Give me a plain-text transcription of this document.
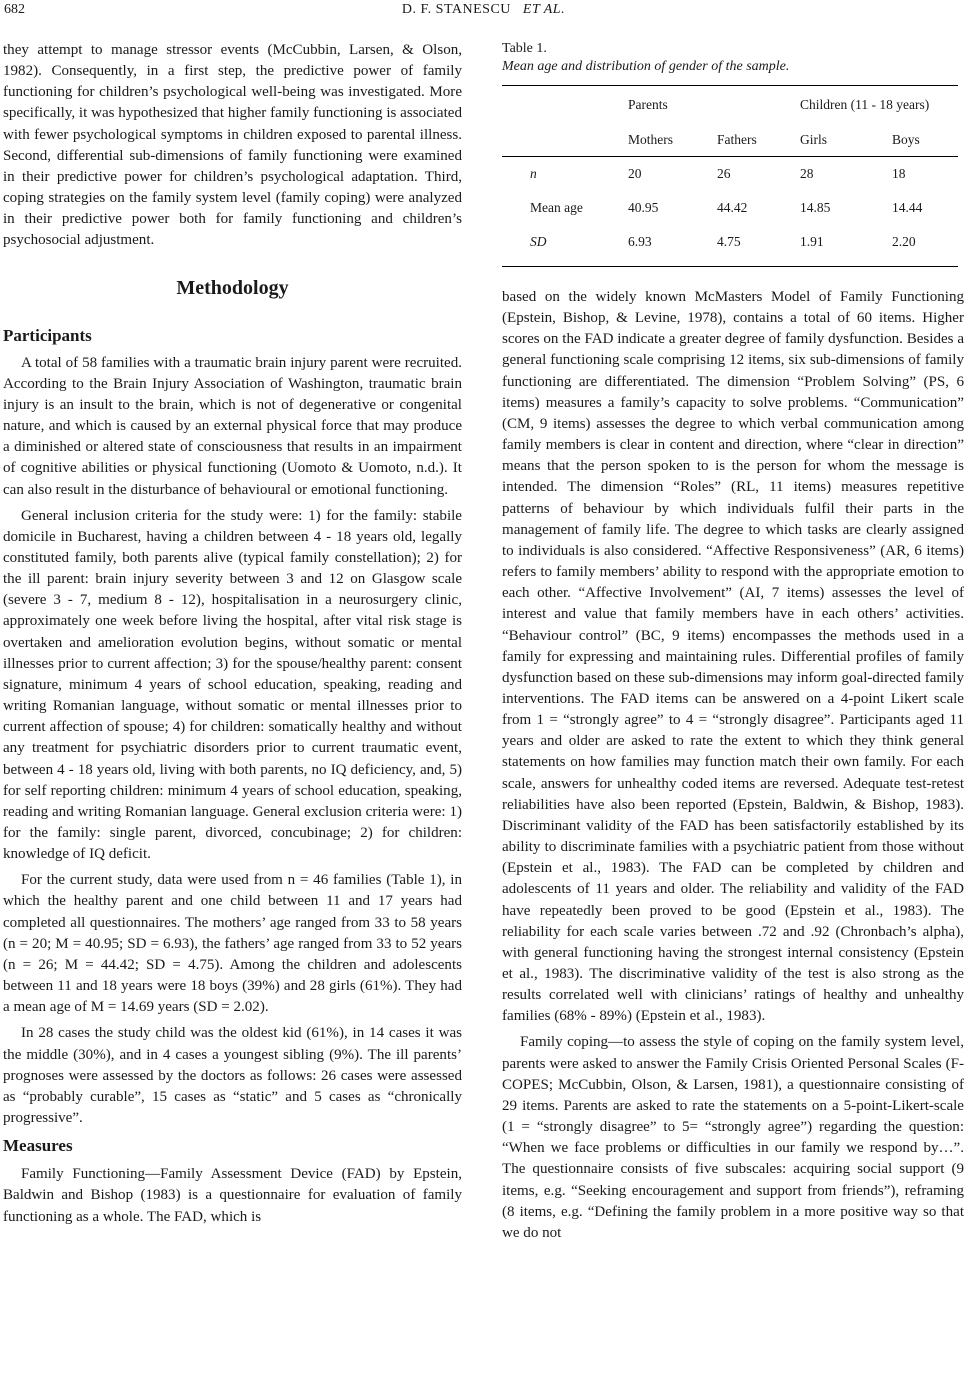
682	D. F. STANESCU ET AL.

they attempt to manage stressor events (McCubbin, Larsen, & Olson, 1982). Consequently, in a first step, the predictive power of family functioning for children’s psychological well-being was investigated. More specifically, it was hypothesized that higher family functioning is associated with fewer psychological symptoms in children exposed to parental illness. Second, differential sub-dimensions of family functioning were examined in their predictive power for children’s psychological adaptation. Third, coping strategies on the family system level (family coping) were analyzed in their predictive power both for family functioning and children’s psychosocial adjustment.

Methodology

Participants

A total of 58 families with a traumatic brain injury parent were recruited. According to the Brain Injury Association of Washington, traumatic brain injury is an insult to the brain, which is not of degenerative or congenital nature, and which is caused by an external physical force that may produce a diminished or altered state of consciousness that results in an impairment of cognitive abilities or physical functioning (Uomoto & Uomoto, n.d.). It can also result in the disturbance of behavioural or emotional functioning.

General inclusion criteria for the study were: 1) for the family: stabile domicile in Bucharest, having a children between 4 - 18 years old, legally constituted family, both parents alive (typical family constellation); 2) for the ill parent: brain injury severity between 3 and 12 on Glasgow scale (severe 3 - 7, medium 8 - 12), hospitalisation in a neurosurgery clinic, approximately one week before living the hospital, after vital risk stage is overtaken and amelioration evolution begins, without somatic or mental illnesses prior to current affection; 3) for the spouse/healthy parent: consent signature, minimum 4 years of school education, speaking, reading and writing Romanian language, without somatic or mental illnesses prior to current affection of spouse; 4) for children: somatically healthy and without any treatment for psychiatric disorders prior to current traumatic event, between 4 - 18 years old, living with both parents, no IQ deficiency, and, 5) for self reporting children: minimum 4 years of school education, speaking, reading and writing Romanian language. General exclusion criteria were: 1) for the family: single parent, divorced, concubinage; 2) for children: knowledge of IQ deficit.

For the current study, data were used from n = 46 families (Table 1), in which the healthy parent and one child between 11 and 17 years had completed all questionnaires. The mothers’ age ranged from 33 to 58 years (n = 20; M = 40.95; SD = 6.93), the fathers’ age ranged from 33 to 52 years (n = 26; M = 44.42; SD = 4.75). Among the children and adolescents between 11 and 18 years were 18 boys (39%) and 28 girls (61%). They had a mean age of M = 14.69 years (SD = 2.02).

In 28 cases the study child was the oldest kid (61%), in 14 cases it was the middle (30%), and in 4 cases a youngest sibling (9%). The ill parents’ prognoses were assessed by the doctors as follows: 26 cases were assessed as “probably curable”, 15 cases as “static” and 5 cases as “chronically progressive”.

Measures

Family Functioning—Family Assessment Device (FAD) by Epstein, Baldwin and Bishop (1983) is a questionnaire for evaluation of family functioning as a whole. The FAD, which is

Table 1.

Mean age and distribution of gender of the sample.

Parents	Children (11 - 18 years)
Mothers	Fathers	Girls	Boys
n	20	26	28	18
Mean age	40.95	44.42	14.85	14.44
SD	6.93	4.75	1.91	2.20

based on the widely known McMasters Model of Family Functioning (Epstein, Bishop, & Levine, 1978), contains a total of 60 items. Higher scores on the FAD indicate a greater degree of family dysfunction. Besides a general functioning scale comprising 12 items, six sub-dimensions of family functioning are differentiated. The dimension “Problem Solving” (PS, 6 items) measures a family’s capacity to solve problems. “Communication” (CM, 9 items) assesses the degree to which verbal communication among family members is clear in content and direction, where “clear in direction” means that the person spoken to is the person for whom the message is intended. The dimension “Roles” (RL, 11 items) measures repetitive patterns of behaviour by which individuals fulfil their parts in the management of family life. The degree to which tasks are clearly assigned to individuals is also considered. “Affective Responsiveness” (AR, 6 items) refers to family members’ ability to respond with the appropriate emotion to each other. “Affective Involvement” (AI, 7 items) assesses the level of interest and value that family members have in each others’ activities. “Behaviour control” (BC, 9 items) encompasses the methods used in a family for expressing and maintaining rules. Differential profiles of family dysfunction based on these sub-dimensions may inform goal-directed family interventions. The FAD items can be answered on a 4-point Likert scale from 1 = “strongly agree” to 4 = “strongly disagree”. Participants aged 11 years and older are asked to rate the extent to which they think general statements on how families may function match their own family. For each scale, answers for unhealthy coded items are reversed. Adequate test-retest reliabilities have also been reported (Epstein, Baldwin, & Bishop, 1983). Discriminant validity of the FAD has been satisfactorily established by its ability to discriminate families with a psychiatric patient from those without (Epstein et al., 1983). The FAD can be completed by children and adolescents of 11 years and older. The reliability and validity of the FAD have repeatedly been proved to be good (Epstein et al., 1983). The reliability for each scale varies between .72 and .92 (Chronbach’s alpha), with general functioning having the strongest internal consistency (Epstein et al., 1983). The discriminative validity of the test is also strong as the results correlated well with clinicians’ ratings of healthy and unhealthy families (68% - 89%) (Epstein et al., 1983).

Family coping—to assess the style of coping on the family system level, parents were asked to answer the Family Crisis Oriented Personal Scales (F-COPES; McCubbin, Olson, & Larsen, 1981), a questionnaire consisting of 29 items. Parents are asked to rate the statements on a 5-point-Likert-scale (1 = “strongly disagree” to 5= “strongly agree”) regarding the question: “When we face problems or difficulties in our family we respond by…”. The questionnaire consists of five subscales: acquiring social support (9 items, e.g. “Seeking encouragement and support from friends”), reframing (8 items, e.g. “Defining the family problem in a more positive way so that we do not
